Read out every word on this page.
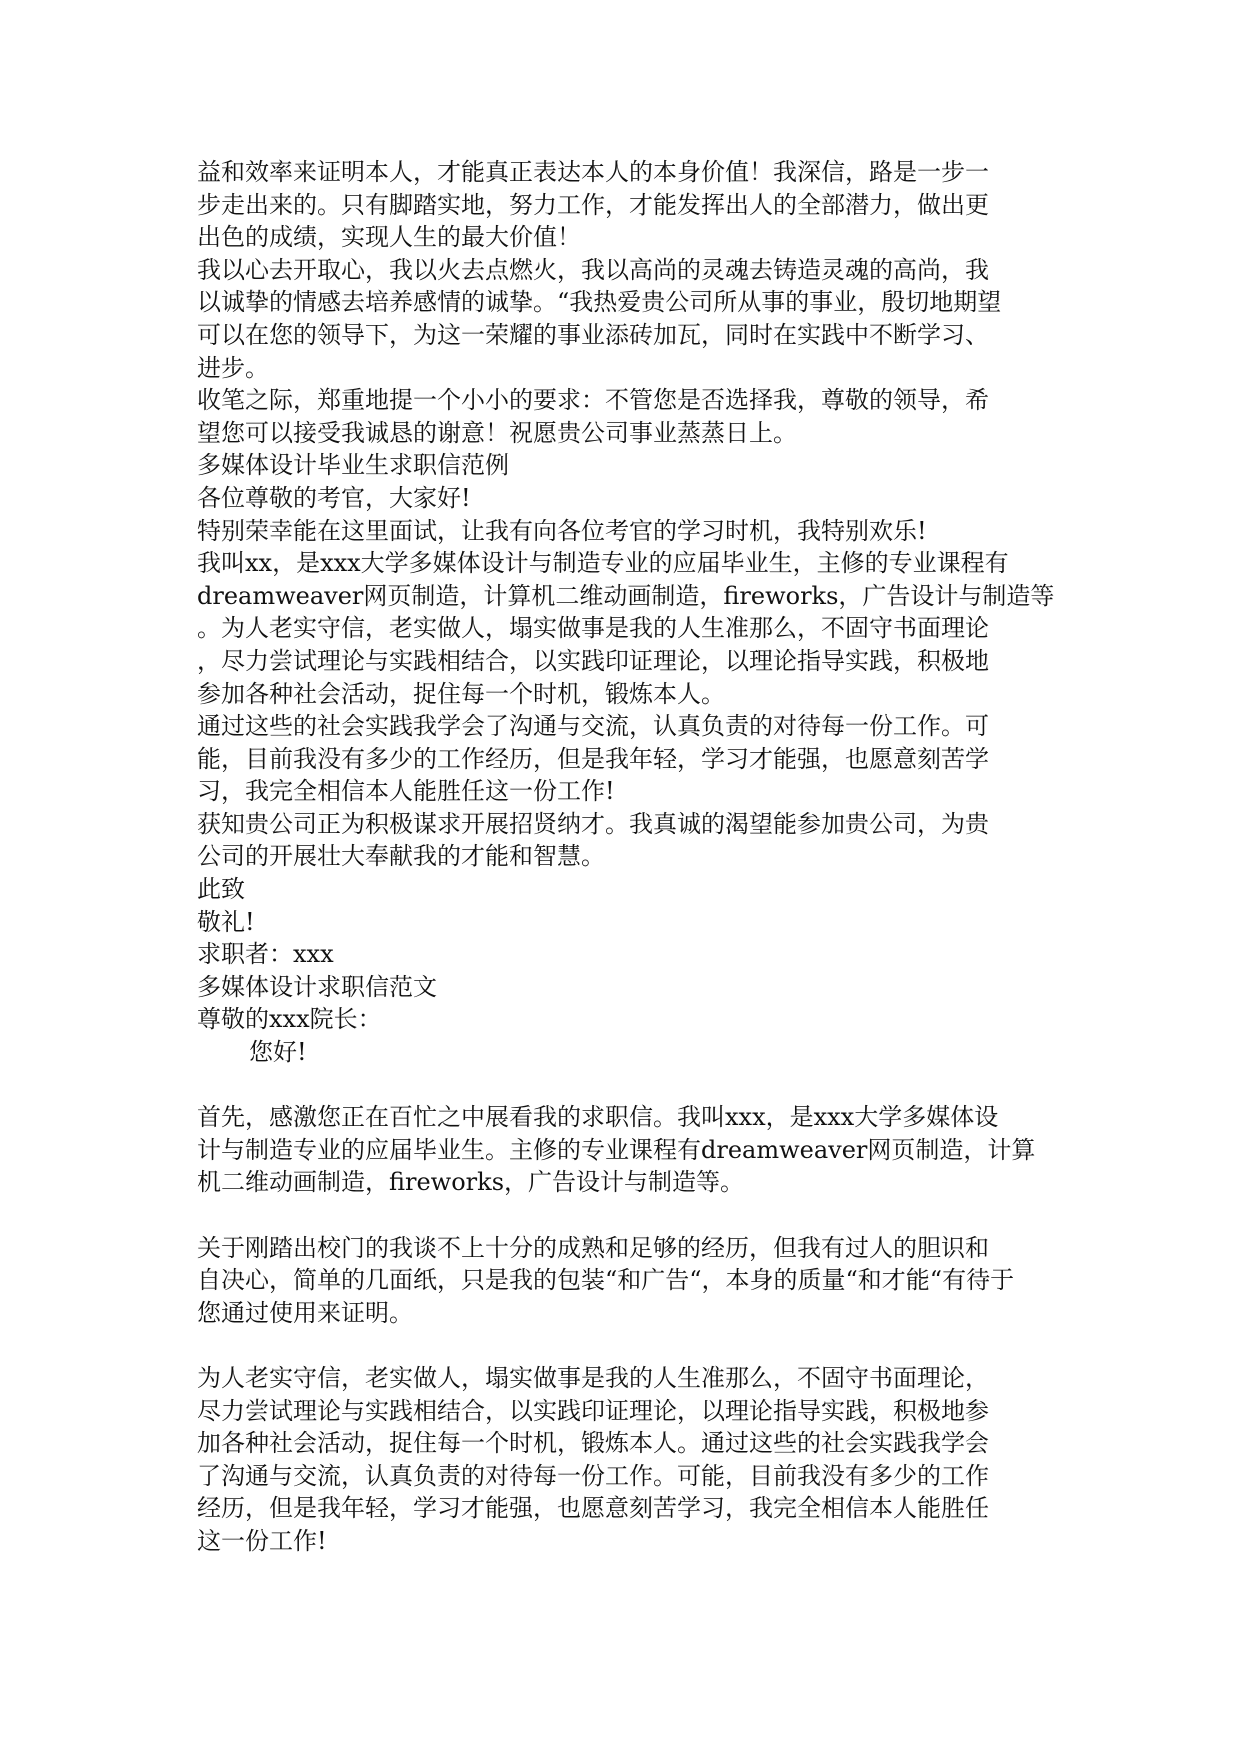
益和效率来证明本人，才能真正表达本人的本身价值！我深信，路是一步一
步走出来的。只有脚踏实地，努力工作，才能发挥出人的全部潜力，做出更
出色的成绩，实现人生的最大价值！
我以心去开取心，我以火去点燃火，我以高尚的灵魂去铸造灵魂的高尚，我
以诚挚的情感去培养感情的诚挚。“我热爱贵公司所从事的事业，殷切地期望
可以在您的领导下，为这一荣耀的事业添砖加瓦，同时在实践中不断学习、
进步。
收笔之际，郑重地提一个小小的要求：不管您是否选择我，尊敬的领导，希
望您可以接受我诚恳的谢意！祝愿贵公司事业蒸蒸日上。
多媒体设计毕业生求职信范例
各位尊敬的考官，大家好!
特别荣幸能在这里面试，让我有向各位考官的学习时机，我特别欢乐!
我叫xx，是xxx大学多媒体设计与制造专业的应届毕业生，主修的专业课程有
dreamweaver网页制造，计算机二维动画制造，fireworks，广告设计与制造等
。为人老实守信，老实做人，塌实做事是我的人生准那么，不固守书面理论
，尽力尝试理论与实践相结合，以实践印证理论，以理论指导实践，积极地
参加各种社会活动，捉住每一个时机，锻炼本人。
通过这些的社会实践我学会了沟通与交流，认真负责的对待每一份工作。可
能，目前我没有多少的工作经历，但是我年轻，学习才能强，也愿意刻苦学
习，我完全相信本人能胜任这一份工作!
获知贵公司正为积极谋求开展招贤纳才。我真诚的渴望能参加贵公司，为贵
公司的开展壮大奉献我的才能和智慧。
此致
敬礼!
求职者：xxx
多媒体设计求职信范文
尊敬的xxx院长：
您好!
首先，感激您正在百忙之中展看我的求职信。我叫xxx，是xxx大学多媒体设
计与制造专业的应届毕业生。主修的专业课程有dreamweaver网页制造，计算
机二维动画制造，fireworks，广告设计与制造等。
关于刚踏出校门的我谈不上十分的成熟和足够的经历，但我有过人的胆识和
自决心，简单的几面纸，只是我的包装“和广告“，本身的质量“和才能“有待于
您通过使用来证明。
为人老实守信，老实做人，塌实做事是我的人生准那么，不固守书面理论，
尽力尝试理论与实践相结合，以实践印证理论，以理论指导实践，积极地参
加各种社会活动，捉住每一个时机，锻炼本人。通过这些的社会实践我学会
了沟通与交流，认真负责的对待每一份工作。可能，目前我没有多少的工作
经历，但是我年轻，学习才能强，也愿意刻苦学习，我完全相信本人能胜任
这一份工作!
